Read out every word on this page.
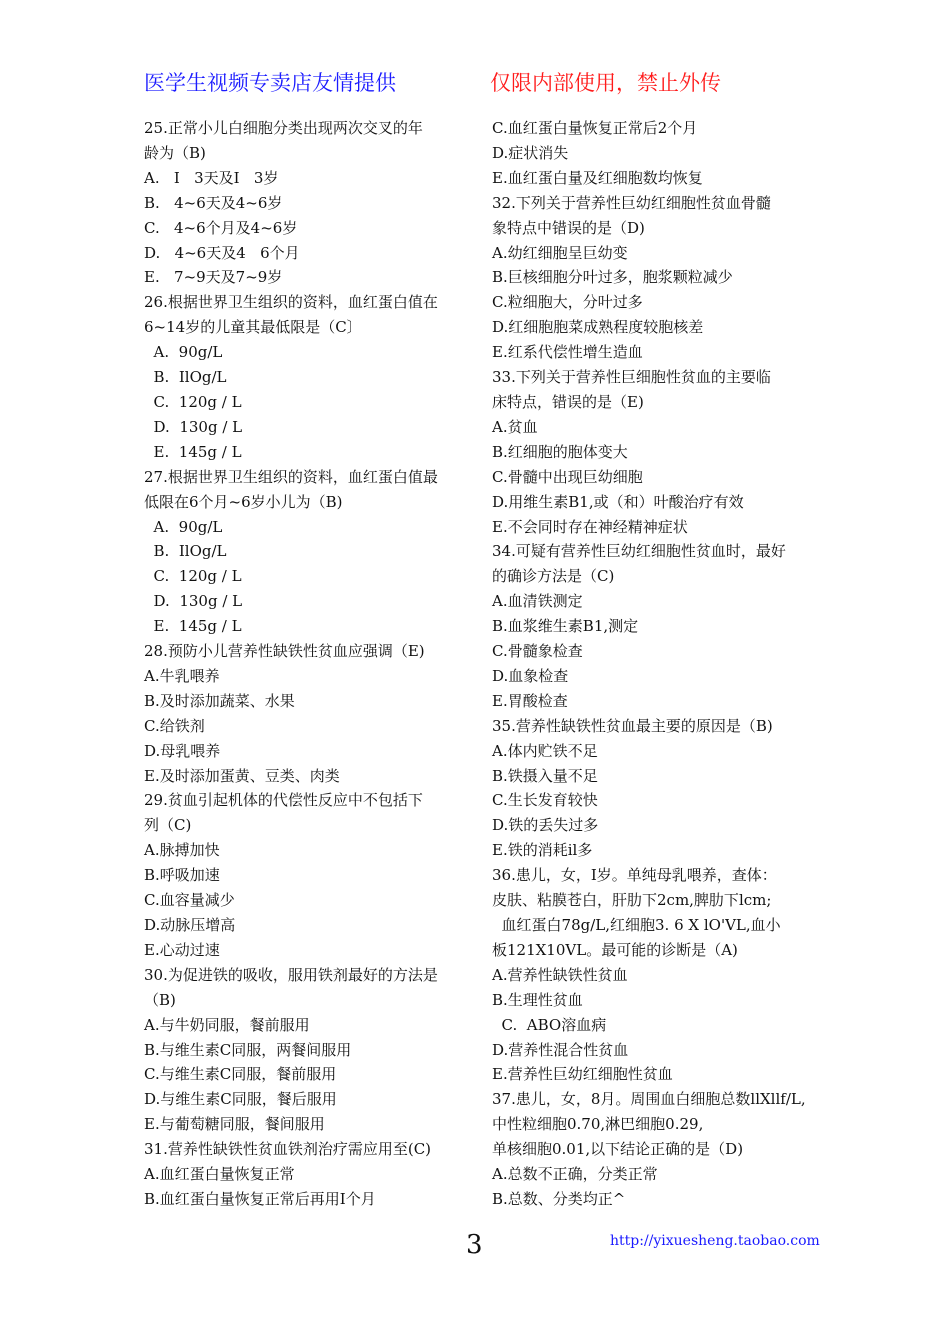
医学生视频专卖店友情提供	仅限内部使用，禁止外传
25.正常小儿白细胞分类出现两次交叉的年
龄为（B)
A.   I   3天及I   3岁
B.   4~6天及4~6岁
C.   4~6个月及4~6岁
D.   4~6天及4   6个月
E.   7~9天及7~9岁
26.根据世界卫生组织的资料，血红蛋白值在
6~14岁的儿童其最低限是（C〕
A.  90g/L
B.  IlOg/L
C.  120g / L
D.  130g / L
E.  145g / L
27.根据世界卫生组织的资料，血红蛋白值最
低限在6个月~6岁小儿为（B)
A.  90g/L
B.  IlOg/L
C.  120g / L
D.  130g / L
E.  145g / L
28.预防小儿营养性缺铁性贫血应强调（E)
A.牛乳喂养
B.及时添加蔬菜、水果
C.给铁剂
D.母乳喂养
E.及时添加蛋黄、豆类、肉类
29.贫血引起机体的代偿性反应中不包括下
列（C)
A.脉搏加快
B.呼吸加速
C.血容量减少
D.动脉压增高
E.心动过速
30.为促进铁的吸收，服用铁剂最好的方法是
（B)
A.与牛奶同服，餐前服用
B.与维生素C同服，两餐间服用
C.与维生素C同服，餐前服用
D.与维生素C同服，餐后服用
E.与葡萄糖同服，餐间服用
31.营养性缺铁性贫血铁剂治疗需应用至(C)
A.血红蛋白量恢复正常
B.血红蛋白量恢复正常后再用I个月
C.血红蛋白量恢复正常后2个月
D.症状消失
E.血红蛋白量及红细胞数均恢复
32.下列关于营养性巨幼红细胞性贫血骨髓
象特点中错误的是（D)
A.幼红细胞呈巨幼变
B.巨核细胞分叶过多，胞浆颗粒减少
C.粒细胞大，分叶过多
D.红细胞胞菜成熟程度较胞核差
E.红系代偿性增生造血
33.下列关于营养性巨细胞性贫血的主要临
床特点，错误的是（E)
A.贫血
B.红细胞的胞体变大
C.骨髓中出现巨幼细胞
D.用维生素B1,或（和）叶酸治疗有效
E.不会同时存在神经精神症状
34.可疑有营养性巨幼红细胞性贫血时，最好
的确诊方法是（C)
A.血清铁测定
B.血浆维生素B1,测定
C.骨髓象检查
D.血象检查
E.胃酸检查
35.营养性缺铁性贫血最主要的原因是（B)
A.体内贮铁不足
B.铁摄入量不足
C.生长发育较快
D.铁的丢失过多
E.铁的消耗il多
36.患儿，女，I岁。单纯母乳喂养，查体：
皮肤、粘膜苍白，肝肋下2cm,脾肋下lcm;
血红蛋白78g/L,红细胞3. 6 X lO'VL,血小
板121X10VL。最可能的诊断是（A)
A.营养性缺铁性贫血
B.生理性贫血
C.  ABO溶血病
D.营养性混合性贫血
E.营养性巨幼红细胞性贫血
37.患儿，女，8月。周围血白细胞总数llXllf/L,
中性粒细胞0.70,淋巴细胞0.29,
单核细胞0.01,以下结论正确的是（D)
A.总数不正确，分类正常
B.总数、分类均正^
3	http://yixuesheng.taobao.com
